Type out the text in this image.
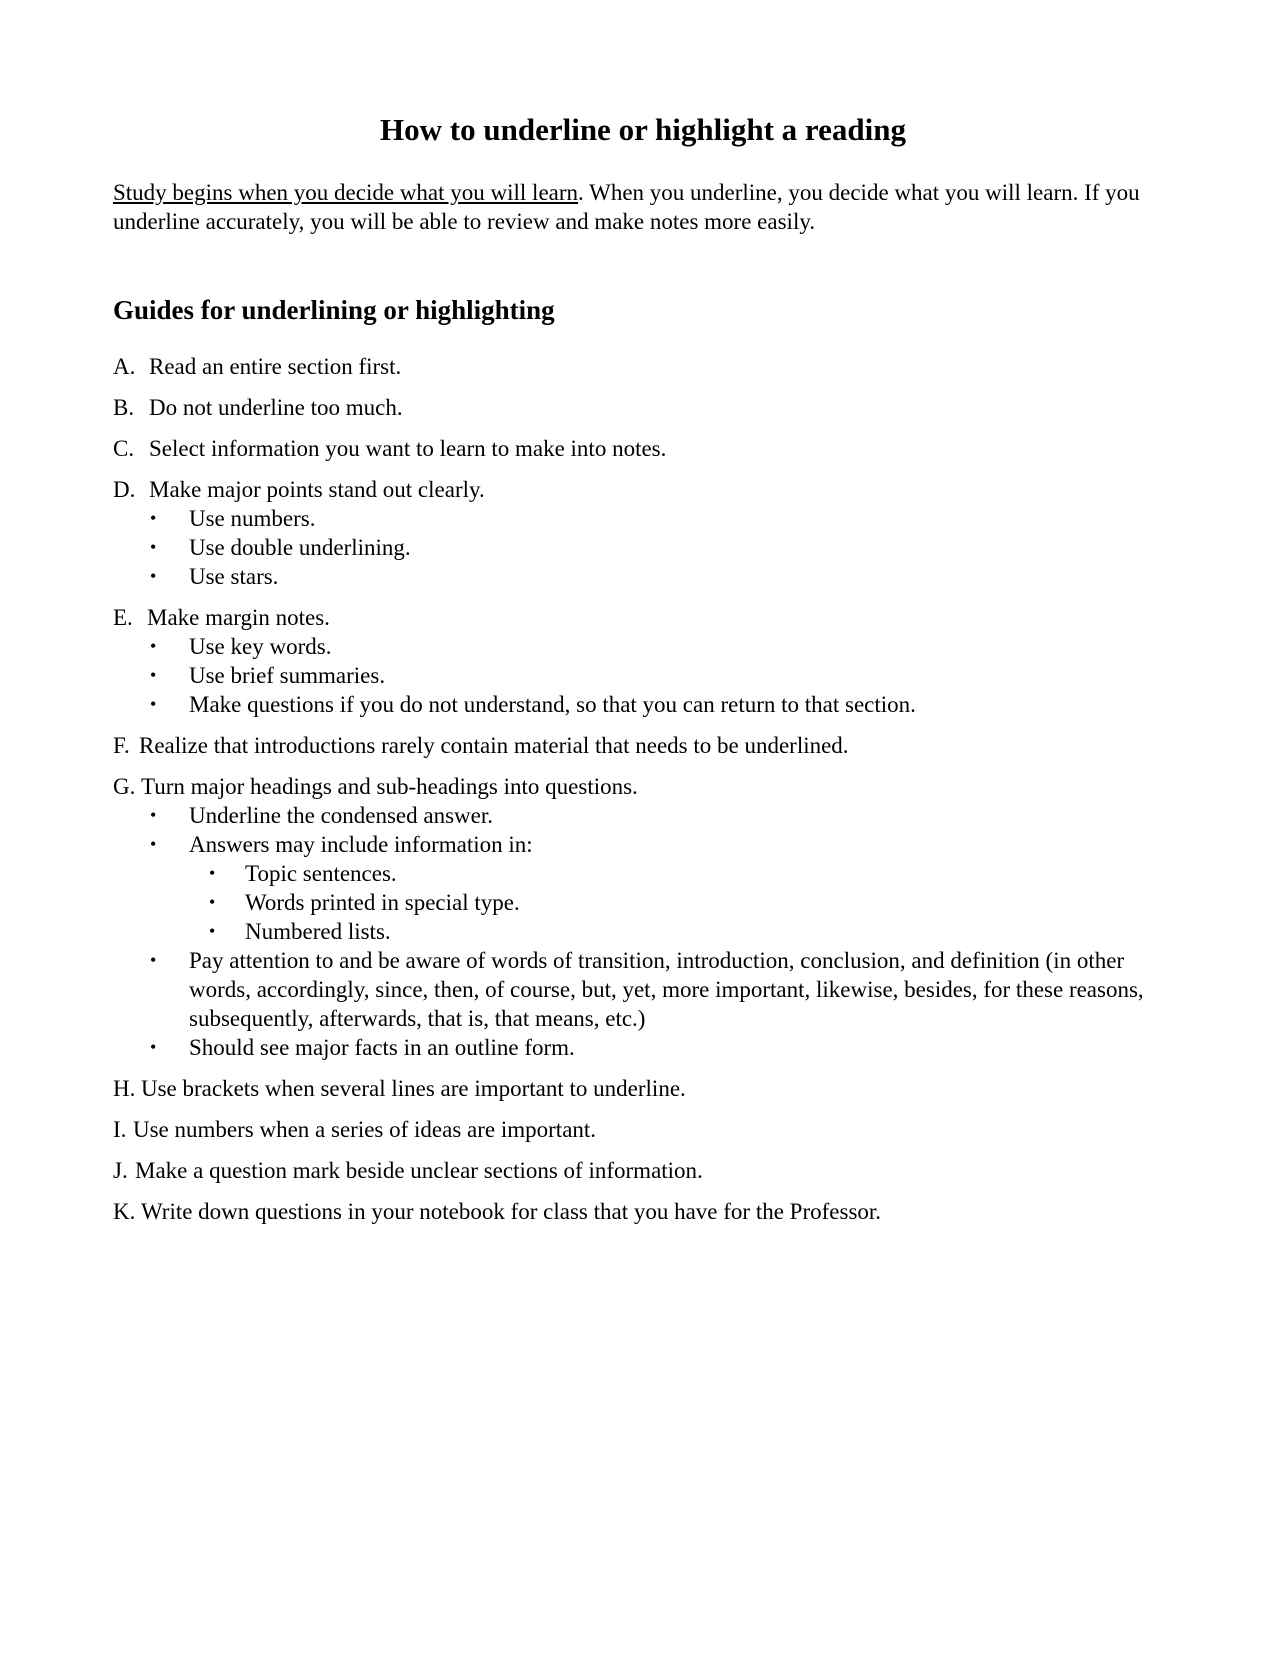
How to underline or highlight a reading

Study begins when you decide what you will learn. When you underline, you decide what you will learn. If you underline accurately, you will be able to review and make notes more easily.

Guides for underlining or highlighting
A. Read an entire section first.
B. Do not underline too much.
C. Select information you want to learn to make into notes.
D. Make major points stand out clearly.
• Use numbers.
• Use double underlining.
• Use stars.
E. Make margin notes.
• Use key words.
• Use brief summaries.
• Make questions if you do not understand, so that you can return to that section.
F. Realize that introductions rarely contain material that needs to be underlined.
G. Turn major headings and sub-headings into questions.
• Underline the condensed answer.
• Answers may include information in:
• Topic sentences.
• Words printed in special type.
• Numbered lists.
• Pay attention to and be aware of words of transition, introduction, conclusion, and definition (in other words, accordingly, since, then, of course, but, yet, more important, likewise, besides, for these reasons, subsequently, afterwards, that is, that means, etc.)
• Should see major facts in an outline form.
H. Use brackets when several lines are important to underline.
I. Use numbers when a series of ideas are important.
J. Make a question mark beside unclear sections of information.
K. Write down questions in your notebook for class that you have for the Professor.
